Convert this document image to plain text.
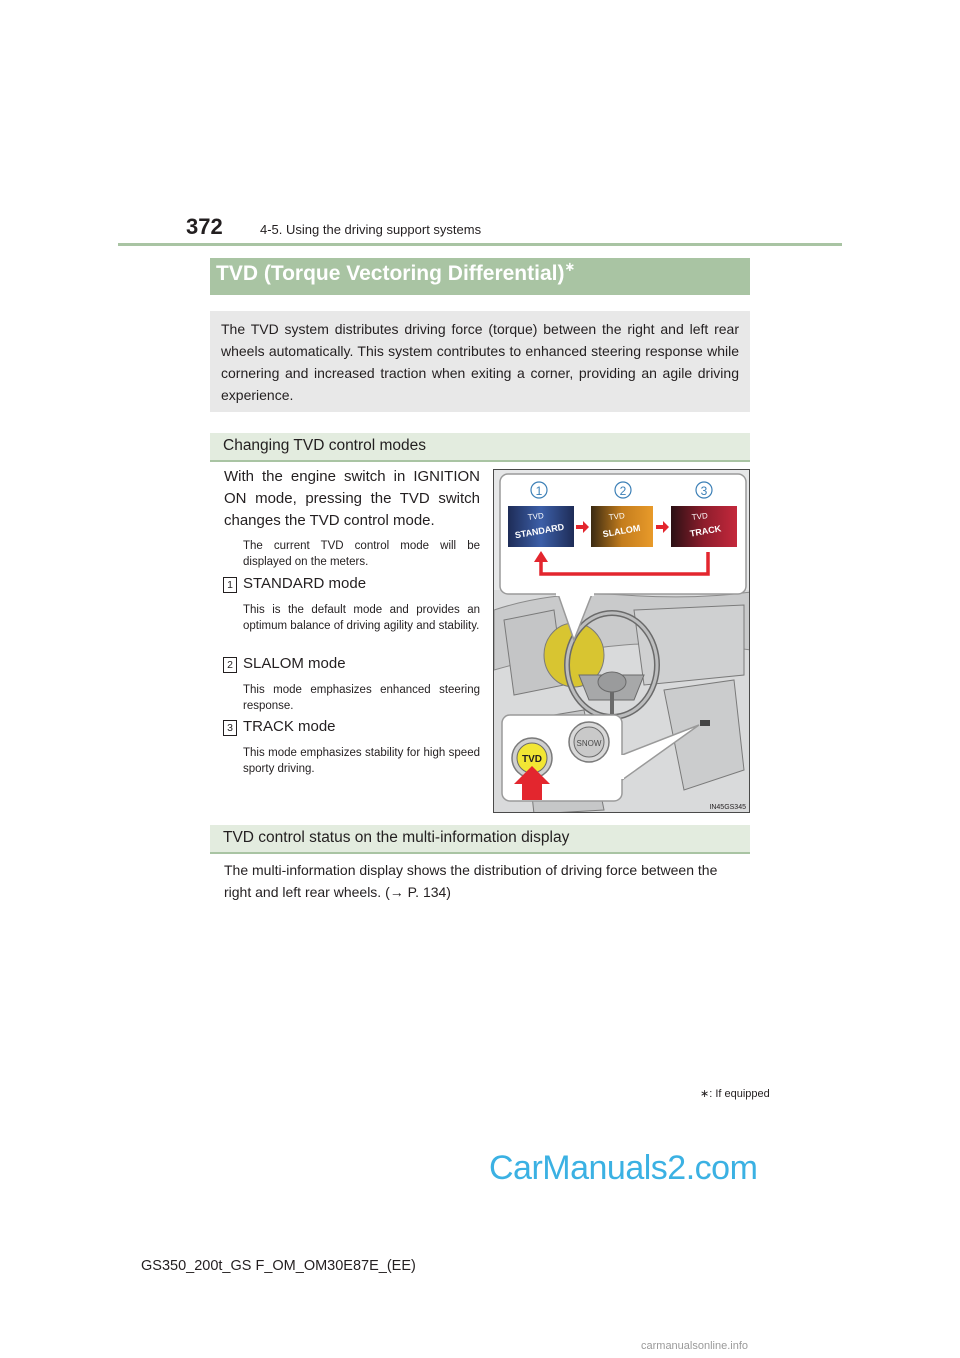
372	4-5. Using the driving support systems
TVD (Torque Vectoring Differential)∗
The TVD system distributes driving force (torque) between the right and left rear wheels automatically. This system contributes to enhanced steering response while cornering and increased traction when exiting a corner, providing an agile driving experience.
Changing TVD control modes
With the engine switch in IGNITION ON mode, pressing the TVD switch changes the TVD control mode.
The current TVD control mode will be displayed on the meters.
1 STANDARD mode
This is the default mode and provides an optimum balance of driving agility and stability.
2 SLALOM mode
This mode emphasizes enhanced steering response.
3 TRACK mode
This mode emphasizes stability for high speed sporty driving.
1	2	3
TVD
STANDARD
TVD
SLALOM
TVD
TRACK
TVD
SNOW
IN45GS345
TVD control status on the multi-information display
The multi-information display shows the distribution of driving force between the
right and left rear wheels. (→ P. 134)
∗: If equipped
GS350_200t_GS F_OM_OM30E87E_(EE)
CarManuals2.com
carmanualsonline.info
